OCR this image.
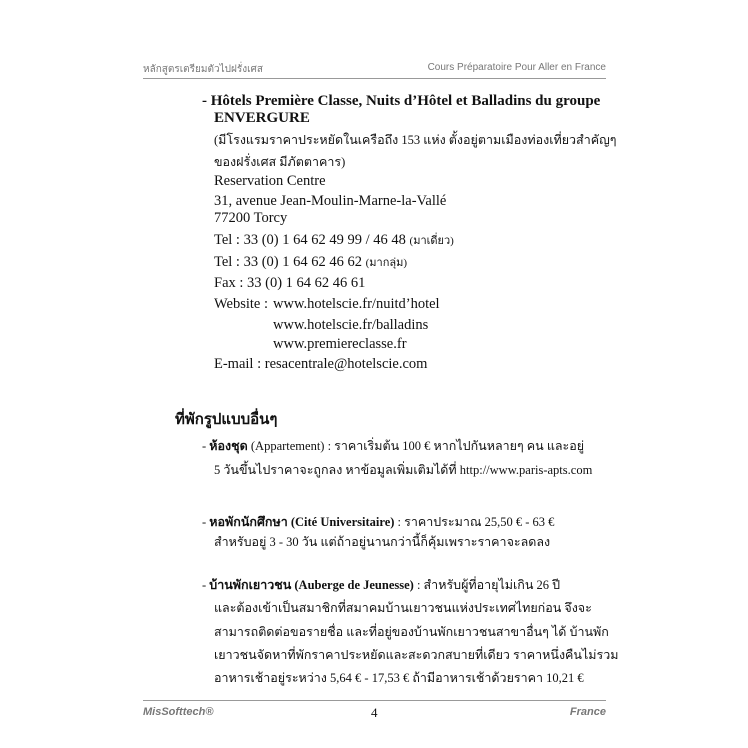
หลักสูตรเตรียมตัวไปฝรั่งเศส	Cours Préparatoire Pour Aller en France
- Hôtels Première Classe, Nuits d’Hôtel et Balladins du groupe
ENVERGURE
(มีโรงแรมราคาประหยัดในเครือถึง 153 แห่ง ตั้งอยู่ตามเมืองท่องเที่ยวสำคัญๆ
ของฝรั่งเศส มีภัตตาคาร)
Reservation Centre
31, avenue Jean-Moulin-Marne-la-Vallé
77200 Torcy
Tel : 33 (0) 1 64 62 49 99 / 46 48 (มาเดี่ยว)
Tel : 33 (0) 1 64 62 46 62 (มากลุ่ม)
Fax : 33 (0) 1 64 62 46 61
Website : www.hotelscie.fr/nuitd’hotel
www.hotelscie.fr/balladins
www.premiereclasse.fr
E-mail : resacentrale@hotelscie.com
ที่พักรูปแบบอื่นๆ
- ห้องชุด (Appartement) : ราคาเริ่มต้น 100 € หากไปกันหลายๆ คน และอยู่
5 วันขึ้นไปราคาจะถูกลง หาข้อมูลเพิ่มเติมได้ที่ http://www.paris-apts.com
- หอพักนักศึกษา (Cité Universitaire) : ราคาประมาณ 25,50 € - 63 €
สำหรับอยู่ 3 - 30 วัน แต่ถ้าอยู่นานกว่านี้ก็คุ้มเพราะราคาจะลดลง
- บ้านพักเยาวชน (Auberge de Jeunesse) : สำหรับผู้ที่อายุไม่เกิน 26 ปี
และต้องเข้าเป็นสมาชิกที่สมาคมบ้านเยาวชนแห่งประเทศไทยก่อน จึงจะ
สามารถติดต่อขอรายชื่อ และที่อยู่ของบ้านพักเยาวชนสาขาอื่นๆ ได้ บ้านพัก
เยาวชนจัดหาที่พักราคาประหยัดและสะดวกสบายที่เดียว ราคาหนึ่งคืนไม่รวม
อาหารเช้าอยู่ระหว่าง 5,64 € - 17,53 € ถ้ามีอาหารเช้าด้วยราคา 10,21 €
MisSofttech®	4	France
